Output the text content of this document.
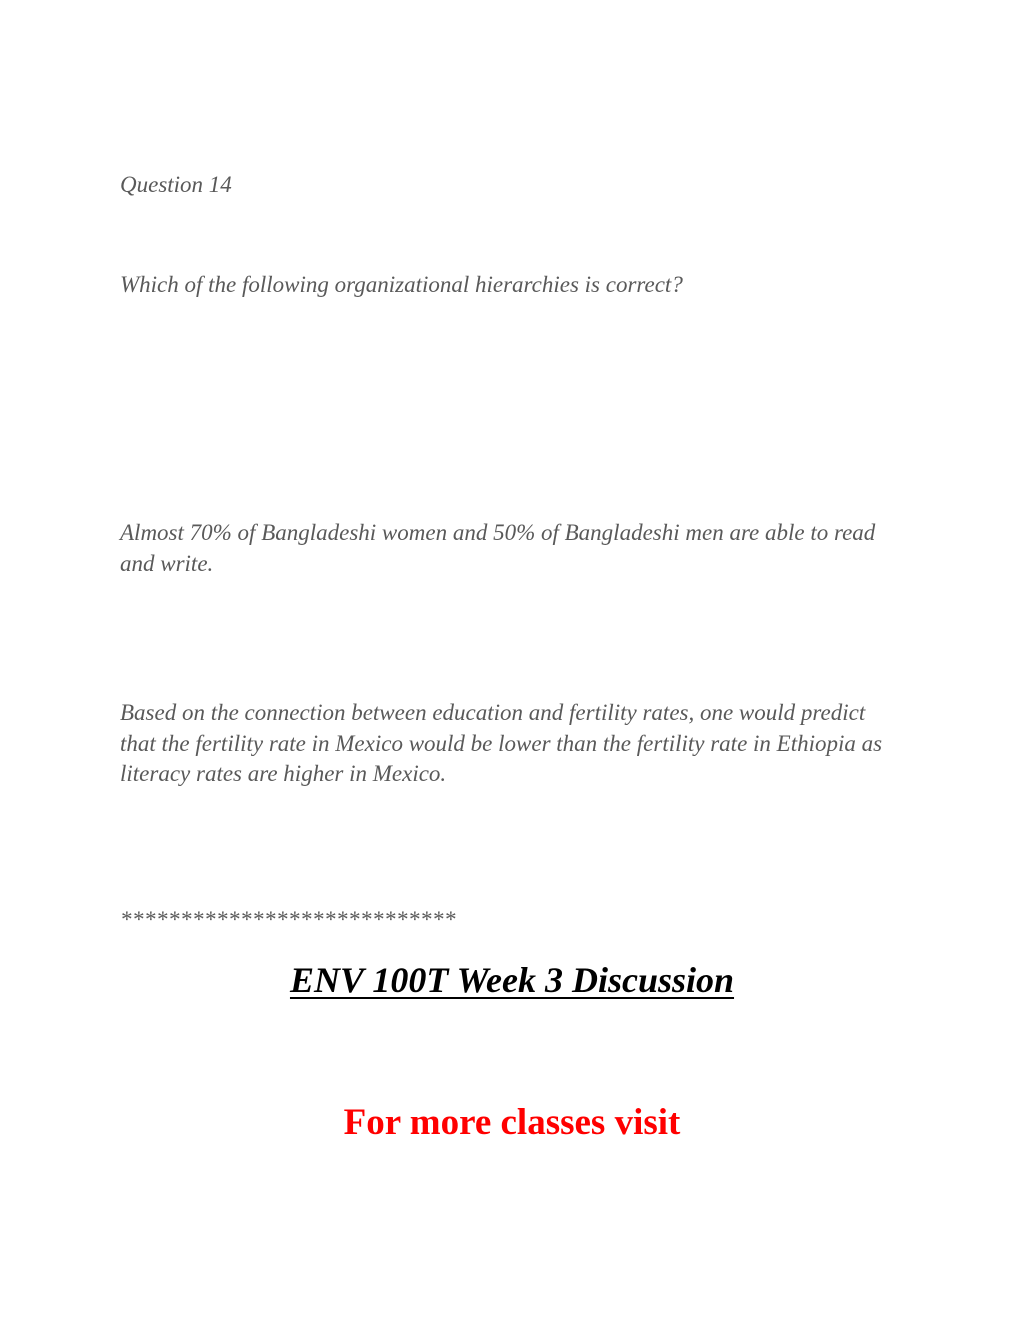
Question 14

Which of the following organizational hierarchies is correct?

Almost 70% of Bangladeshi women and 50% of Bangladeshi men are able to read and write.

Based on the connection between education and fertility rates, one would predict that the fertility rate in Mexico would be lower than the fertility rate in Ethiopia as literacy rates are higher in Mexico.

****************************

ENV 100T Week 3 Discussion
For more classes visit
